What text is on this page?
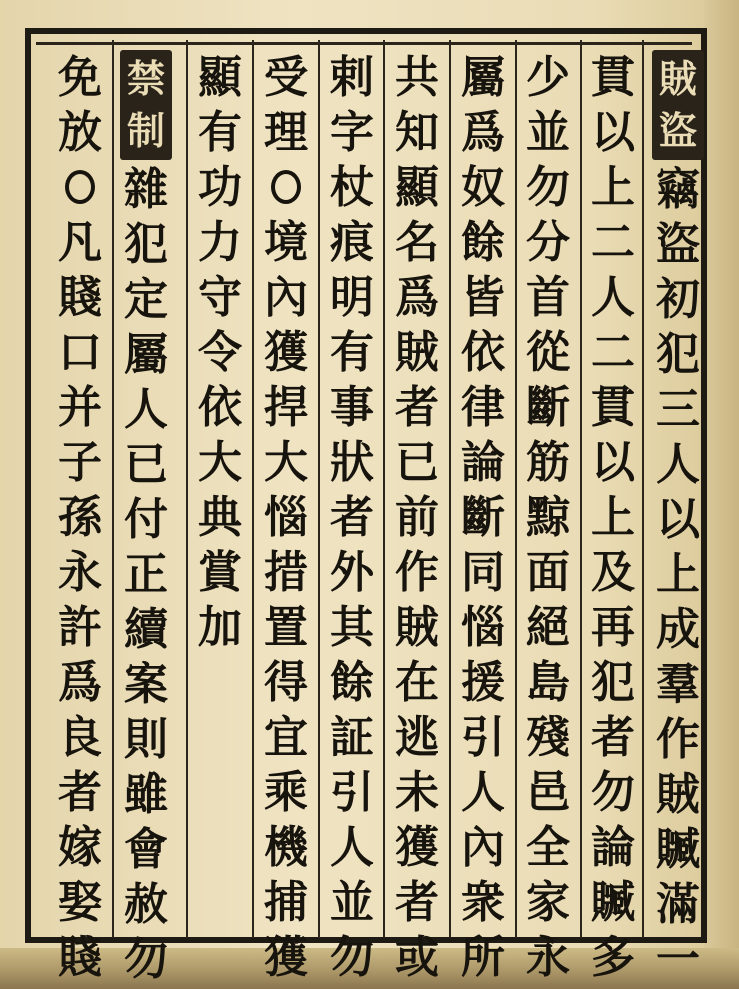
賊
盜
竊
盜
初
犯
三
人
以
上
成
羣
作
賊
贓
滿
一
貫
以
上
二
人
二
貫
以
上
及
再
犯
者
勿
論
贓
多
少
並
勿
分
首
從
斷
筋
黥
面
絕
島
殘
邑
全
家
永
屬
爲
奴
餘
皆
依
律
論
斷
同
惱
援
引
人
內
衆
所
共
知
顯
名
爲
賊
者
已
前
作
賊
在
逃
未
獲
者
或
剌
字
杖
痕
明
有
事
狀
者
外
其
餘
証
引
人
並
勿
受
理
境
內
獲
捍
大
惱
措
置
得
宜
乘
機
捕
獲
顯
有
功
力
守
令
依
大
典
賞
加
禁
制
雜
犯
定
屬
人
已
付
正
續
案
則
雖
會
赦
勿
免
放
凡
賤
口
并
子
孫
永
許
爲
良
者
嫁
娶
賤
